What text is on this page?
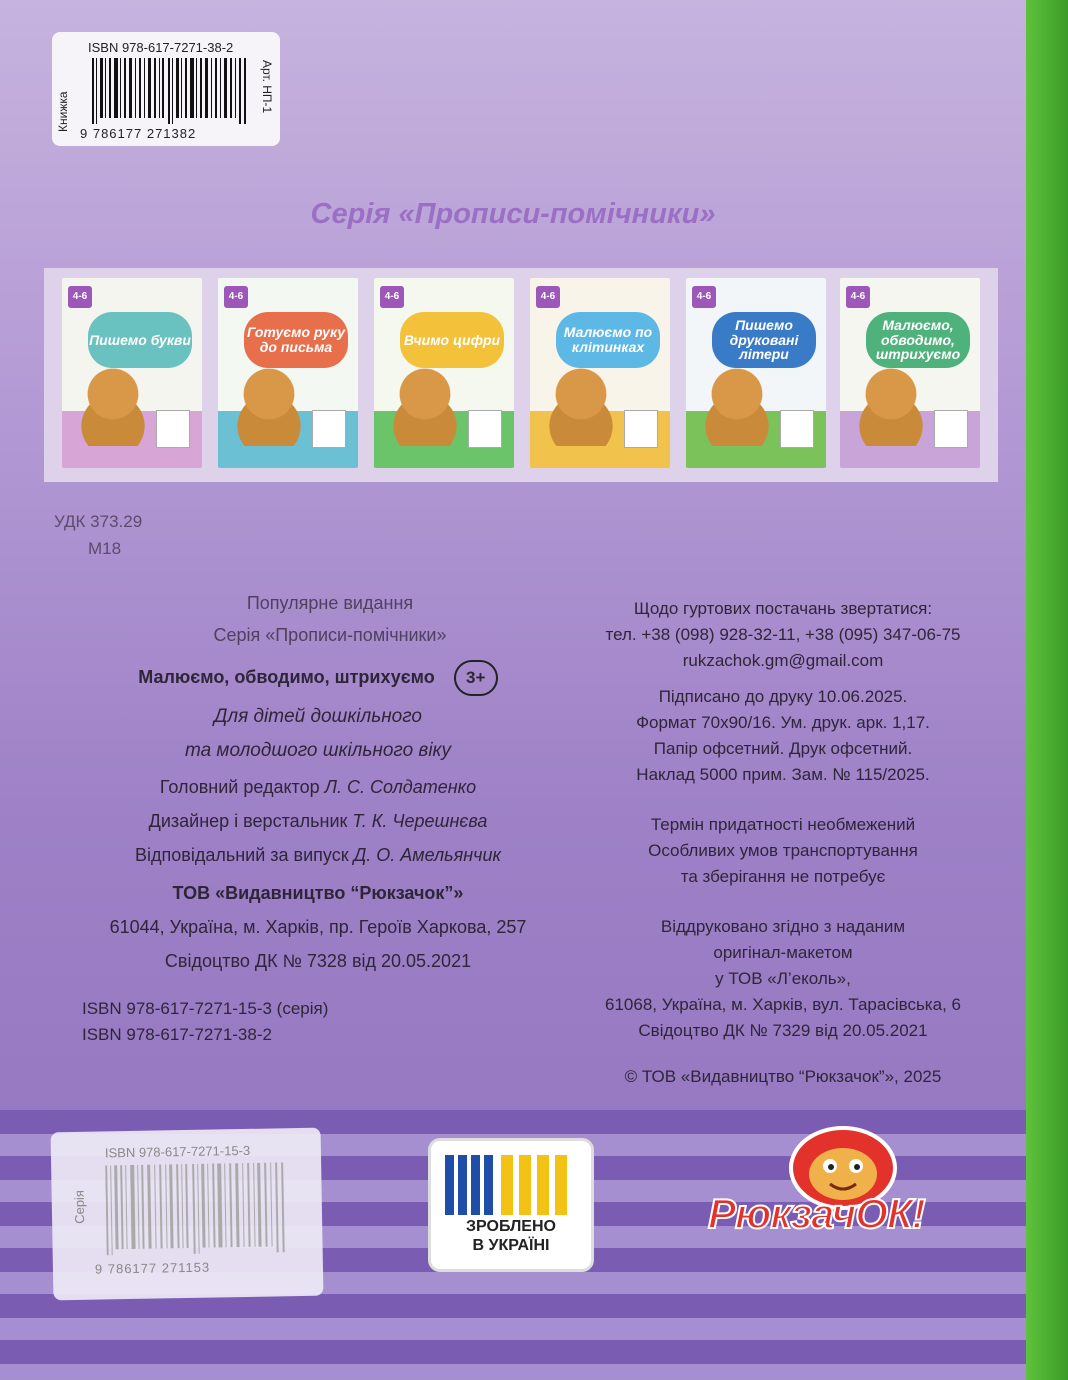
ISBN 978-617-7271-38-2
Книжка	Арт. НП-1
9 786177 271382
Серія «Прописи-помічники»
4-6
Пишемо букви
4-6
Готуємо руку до письма
4-6
Вчимо цифри
4-6
Малюємо по клітинках
4-6
Пишемо друковані літери
4-6
Малюємо, обводимо, штрихуємо
УДК 373.29
М18
Популярне видання
Серія «Прописи-помічники»
Малюємо, обводимо, штрихуємо 3+
Для дітей дошкільного
та молодшого шкільного віку
Головний редактор Л. С. Солдатенко
Дизайнер і верстальник Т. К. Черешнєва
Відповідальний за випуск Д. О. Амельянчик
ТОВ «Видавництво “Рюкзачок”»
61044, Україна, м. Харків, пр. Героїв Харкова, 257
Свідоцтво ДК № 7328 від 20.05.2021
ISBN 978-617-7271-15-3 (серія)
ISBN 978-617-7271-38-2
Щодо гуртових постачань звертатися:
тел. +38 (098) 928-32-11, +38 (095) 347-06-75
rukzachok.gm@gmail.com
Підписано до друку 10.06.2025.
Формат 70х90/16. Ум. друк. арк. 1,17.
Папір офсетний. Друк офсетний.
Наклад 5000 прим. Зам. № 115/2025.
Термін придатності необмежений
Особливих умов транспортування
та зберігання не потребує
Віддруковано згідно з наданим
оригінал-макетом
у ТОВ «Л’еколь»,
61068, Україна, м. Харків, вул. Тарасівська, 6
Свідоцтво ДК № 7329 від 20.05.2021
© ТОВ «Видавництво “Рюкзачок”», 2025
ISBN 978-617-7271-15-3
Серія
9 786177 271153
ЗРОБЛЕНО
В УКРАЇНІ
РюкзачОК!
